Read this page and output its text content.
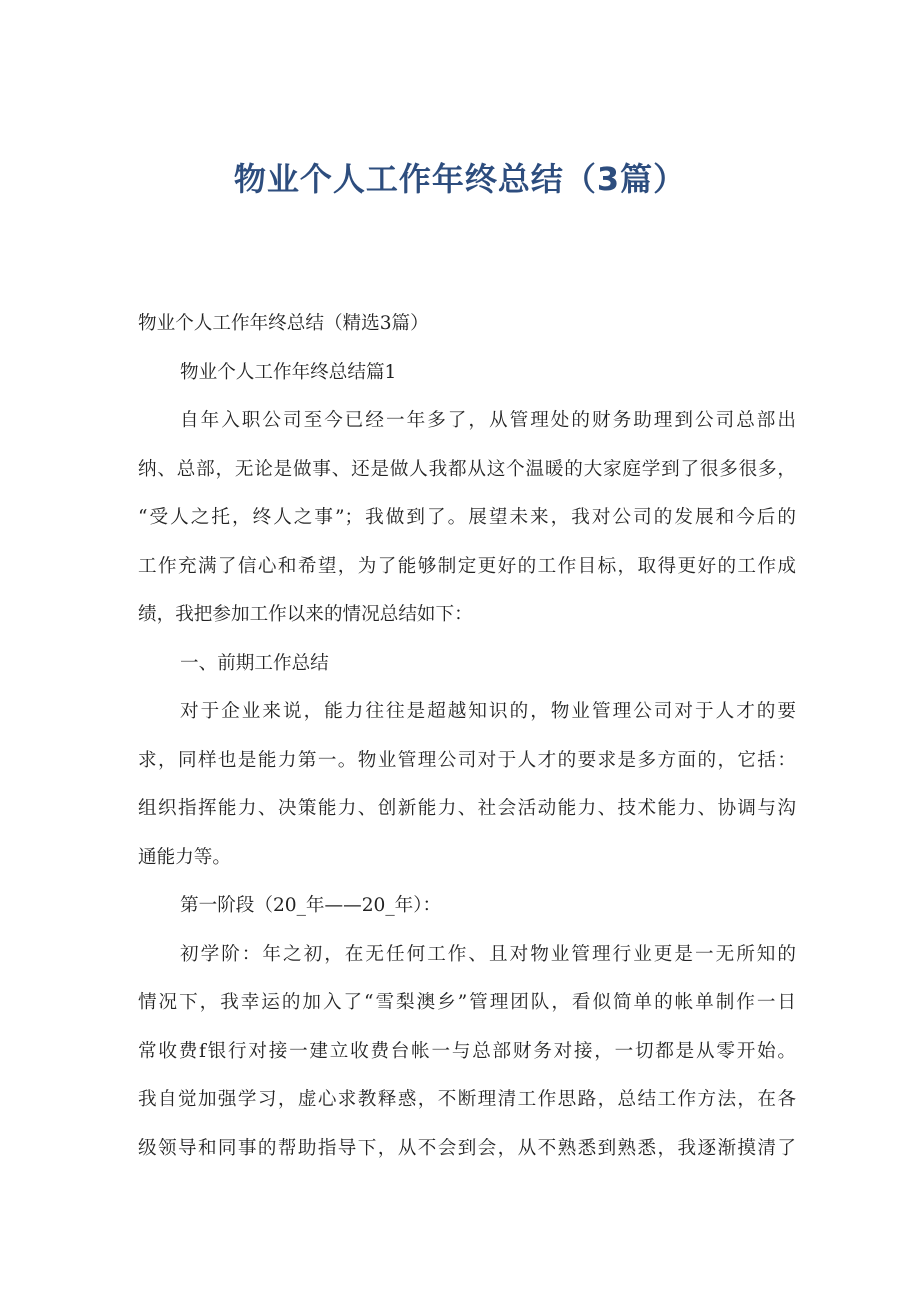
物业个人工作年终总结（3篇）
物业个人工作年终总结（精选3篇）
物业个人工作年终总结篇1
自年入职公司至今已经一年多了，从管理处的财务助理到公司总部出
纳、总部，无论是做事、还是做人我都从这个温暖的大家庭学到了很多很多，
“受人之托，终人之事”；我做到了。展望未来，我对公司的发展和今后的
工作充满了信心和希望，为了能够制定更好的工作目标，取得更好的工作成
绩，我把参加工作以来的情况总结如下：
一、前期工作总结
对于企业来说，能力往往是超越知识的，物业管理公司对于人才的要
求，同样也是能力第一。物业管理公司对于人才的要求是多方面的，它括：
组织指挥能力、决策能力、创新能力、社会活动能力、技术能力、协调与沟
通能力等。
第一阶段（20_年——20_年）：
初学阶：年之初，在无任何工作、且对物业管理行业更是一无所知的
情况下，我幸运的加入了“雪梨澳乡”管理团队，看似简单的帐单制作一日
常收费f银行对接一建立收费台帐一与总部财务对接，一切都是从零开始。
我自觉加强学习，虚心求教释惑，不断理清工作思路，总结工作方法，在各
级领导和同事的帮助指导下，从不会到会，从不熟悉到熟悉，我逐渐摸清了
